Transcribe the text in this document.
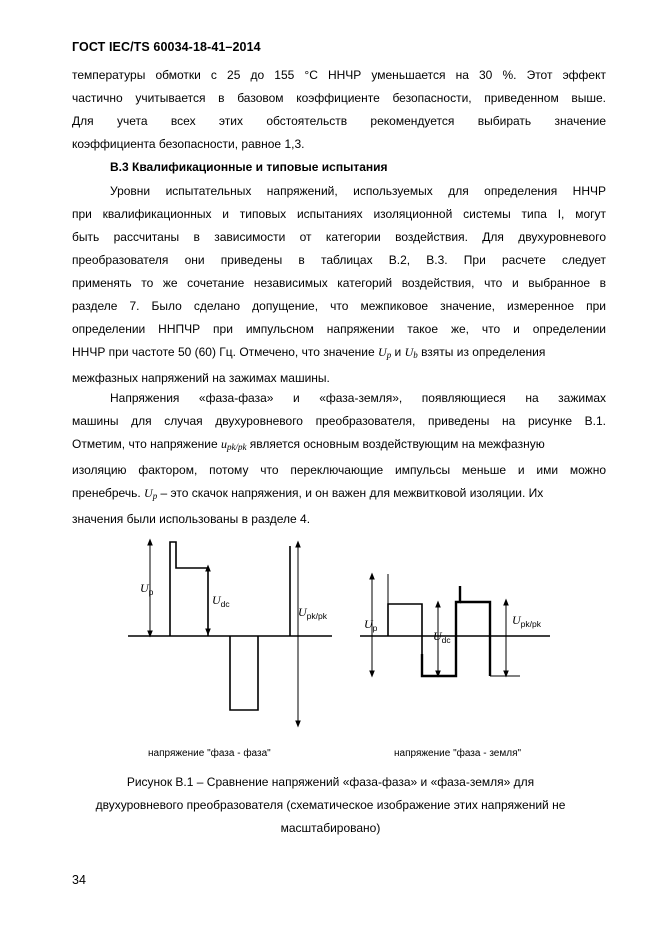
ГОСТ IEC/TS 60034-18-41–2014
температуры обмотки с 25 до 155 °С ННЧР уменьшается на 30 %. Этот эффект
частично учитывается в базовом коэффициенте безопасности, приведенном выше.
Для учета всех этих обстоятельств рекомендуется выбирать значение
коэффициента безопасности, равное 1,3.
B.3 Квалификационные и типовые испытания
Уровни испытательных напряжений, используемых для определения ННЧР
при квалификационных и типовых испытаниях изоляционной системы типа I, могут
быть рассчитаны в зависимости от категории воздействия. Для двухуровневого
преобразователя они приведены в таблицах В.2, В.3. При расчете следует
применять то же сочетание независимых категорий воздействия, что и выбранное в
разделе 7. Было сделано допущение, что межпиковое значение, измеренное при
определении ННПЧР при импульсном напряжении такое же, что и определении
ННЧР при частоте 50 (60) Гц. Отмечено, что значение Up и Ub взяты из определения
межфазных напряжений на зажимах машины.
Напряжения «фаза-фаза» и «фаза-земля», появляющиеся на зажимах
машины для случая двухуровневого преобразователя, приведены на рисунке В.1.
Отметим, что напряжение upk/pk является основным воздействующим на межфазную
изоляцию фактором, потому что переключающие импульсы меньше и ими можно
пренебречь. Up – это скачок напряжения, и он важен для межвитковой изоляции. Их
значения были использованы в разделе 4.
$U_p$
$U_{dc}$
$U_{pk/pk}$
$U_p$
$U_{dc}$
$U_{pk/pk}$
напряжение "фаза - фаза"	напряжение "фаза - земля"
Рисунок В.1 – Сравнение напряжений «фаза-фаза» и «фаза-земля» для
двухуровневого преобразователя (схематическое изображение этих напряжений не
масштабировано)
34
